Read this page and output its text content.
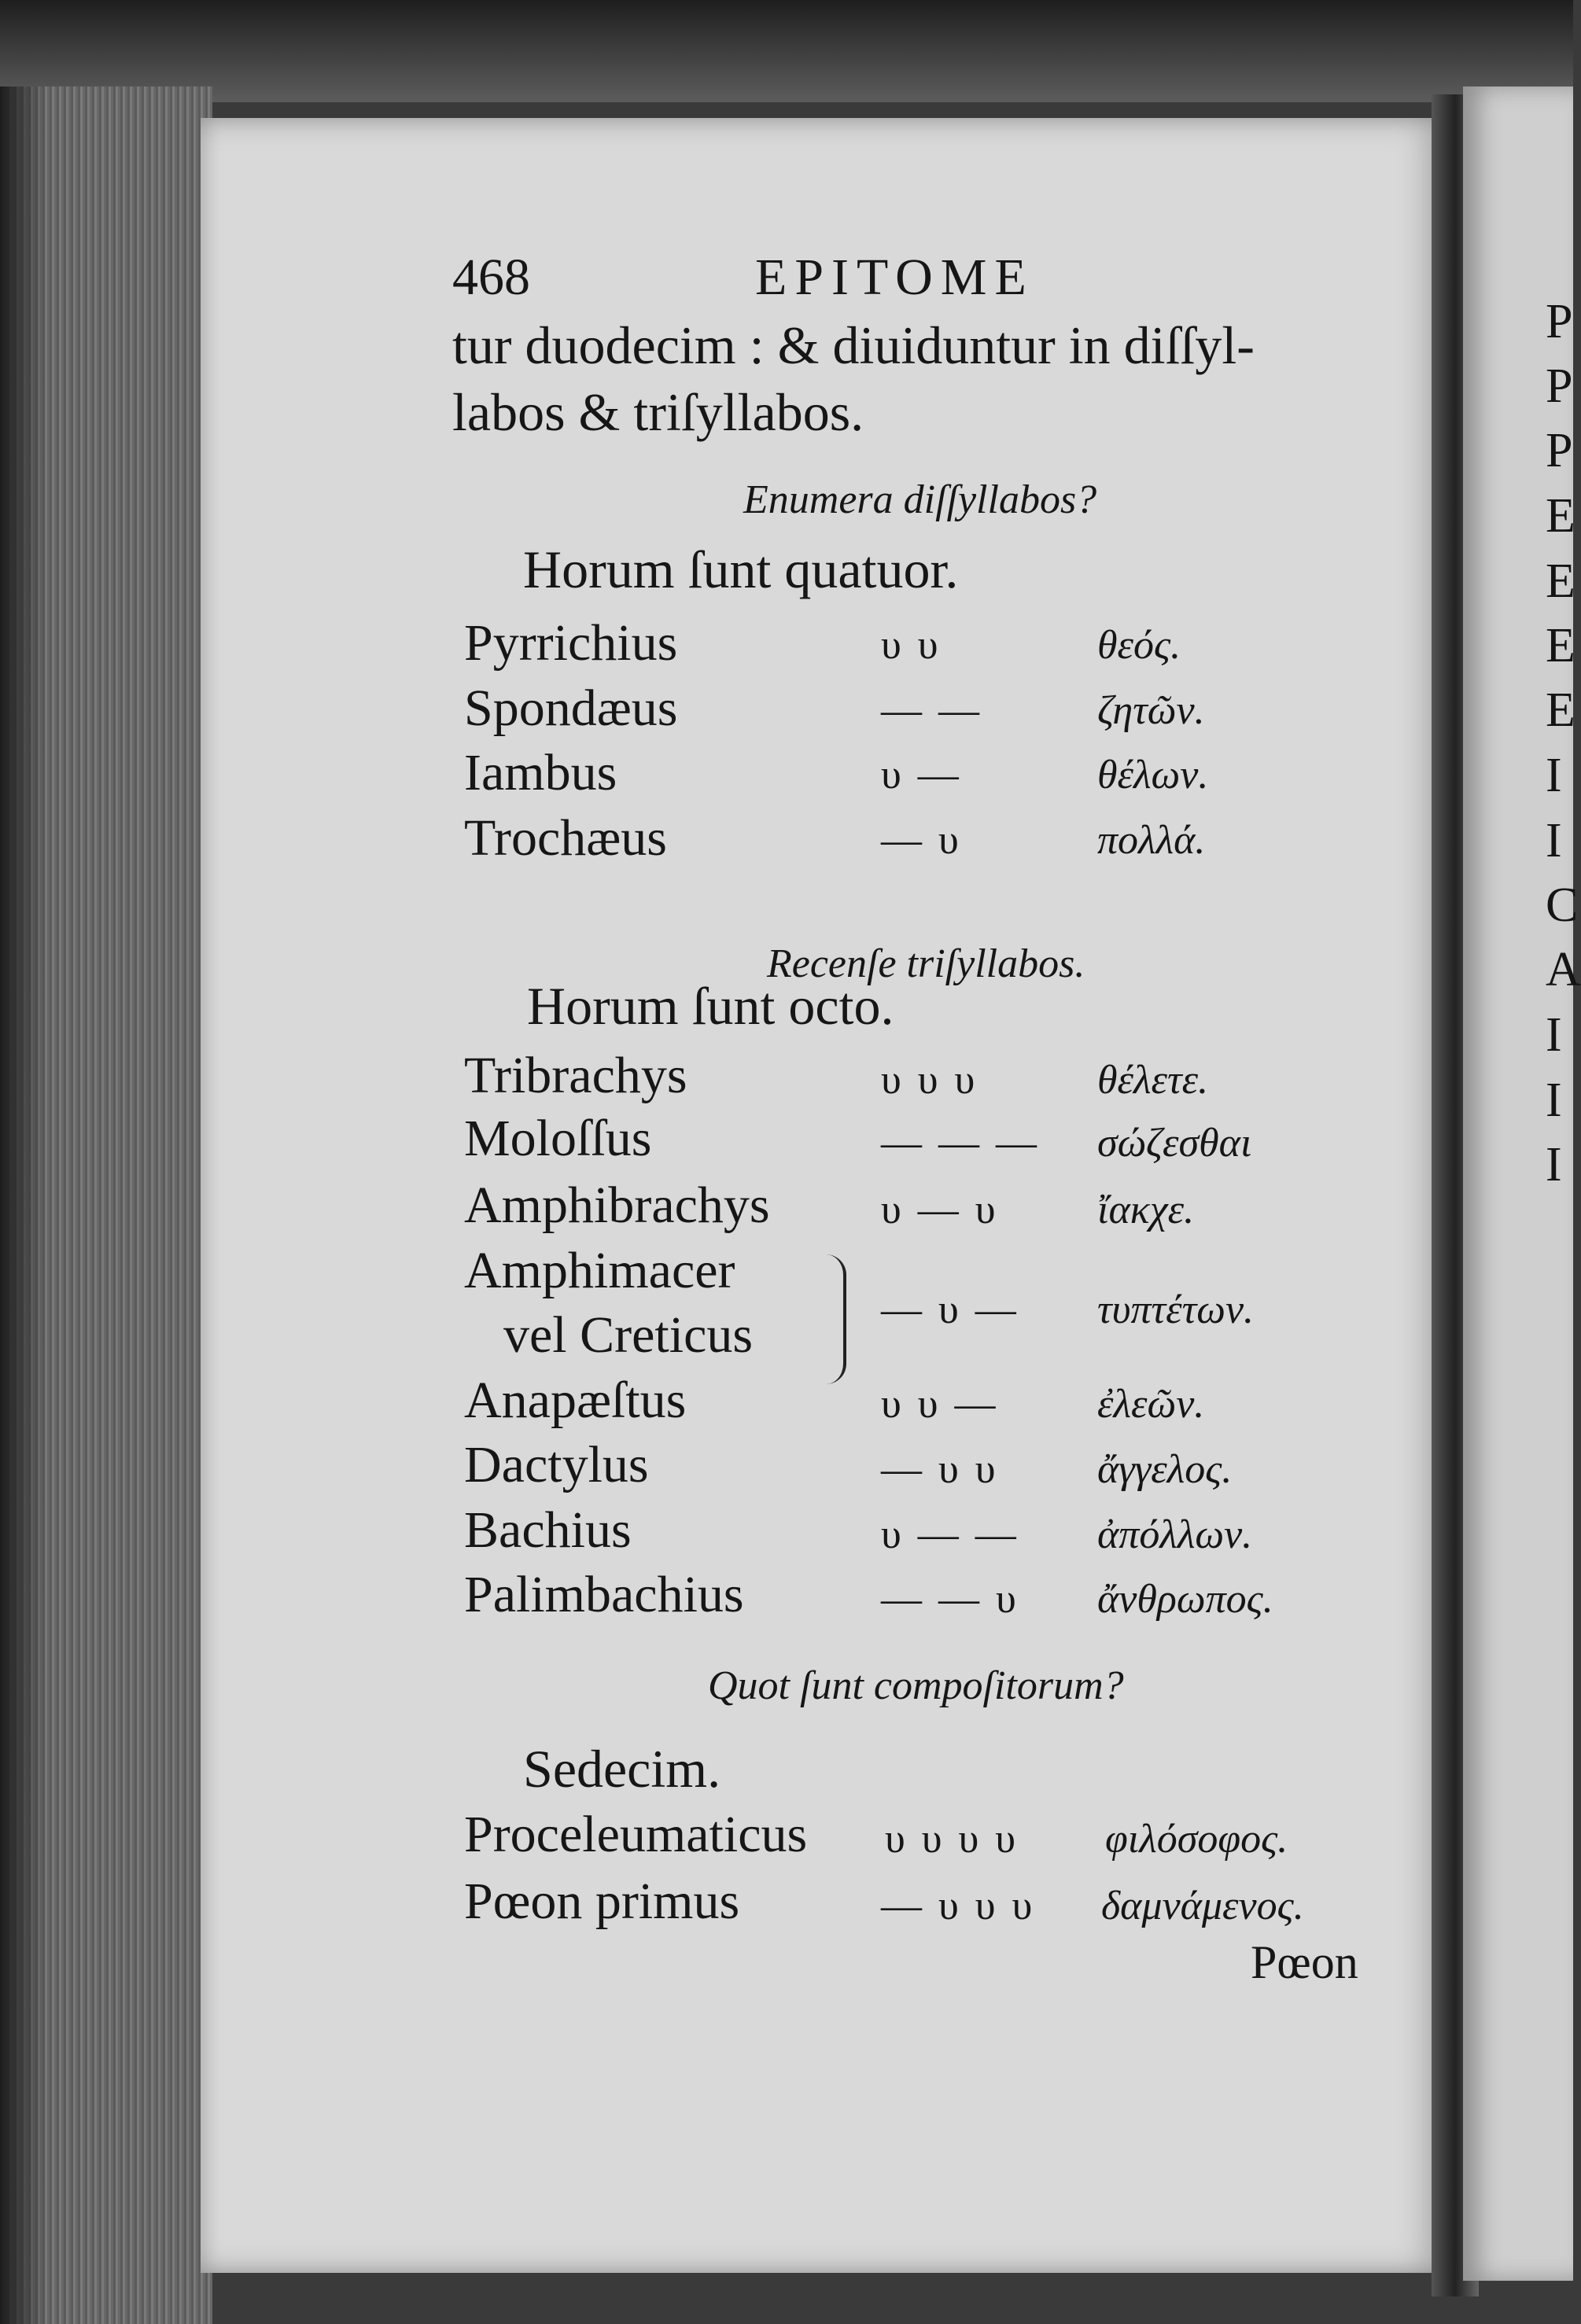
P
P
P
E
E
E
E
I
I
C
A
I
I
I
468	EPITOME
tur duodecim : & diuiduntur in diſſyl-
labos & triſyllabos.
Enumera diſſyllabos?
Horum ſunt quatuor.
Pyrrichius	υ υ	θεός.
Spondæus	— —	ζητῶν.
Iambus	υ —	θέλων.
Trochæus	— υ	πολλά.
Recenſe triſyllabos.
Horum ſunt octo.
Tribrachys	υ υ υ	θέλετε.
Moloſſus	— — — σώζεσθαι
Amphibrachys	υ — υ ἴακχε.
Amphimacer
vel Creticus	— υ — τυπτέτων.
Anapæſtus	υ υ — ἐλεῶν.
Dactylus	— υ υ ἄγγελος.
Bachius	υ — — ἀπόλλων.
Palimbachius	— — υ ἄνθρωπος.
Quot ſunt compoſitorum?
Sedecim.
Proceleumaticus υ υ υ υ φιλόσοφος.
Pœon primus	— υ υ υ δαμνάμενος.
Pœon
